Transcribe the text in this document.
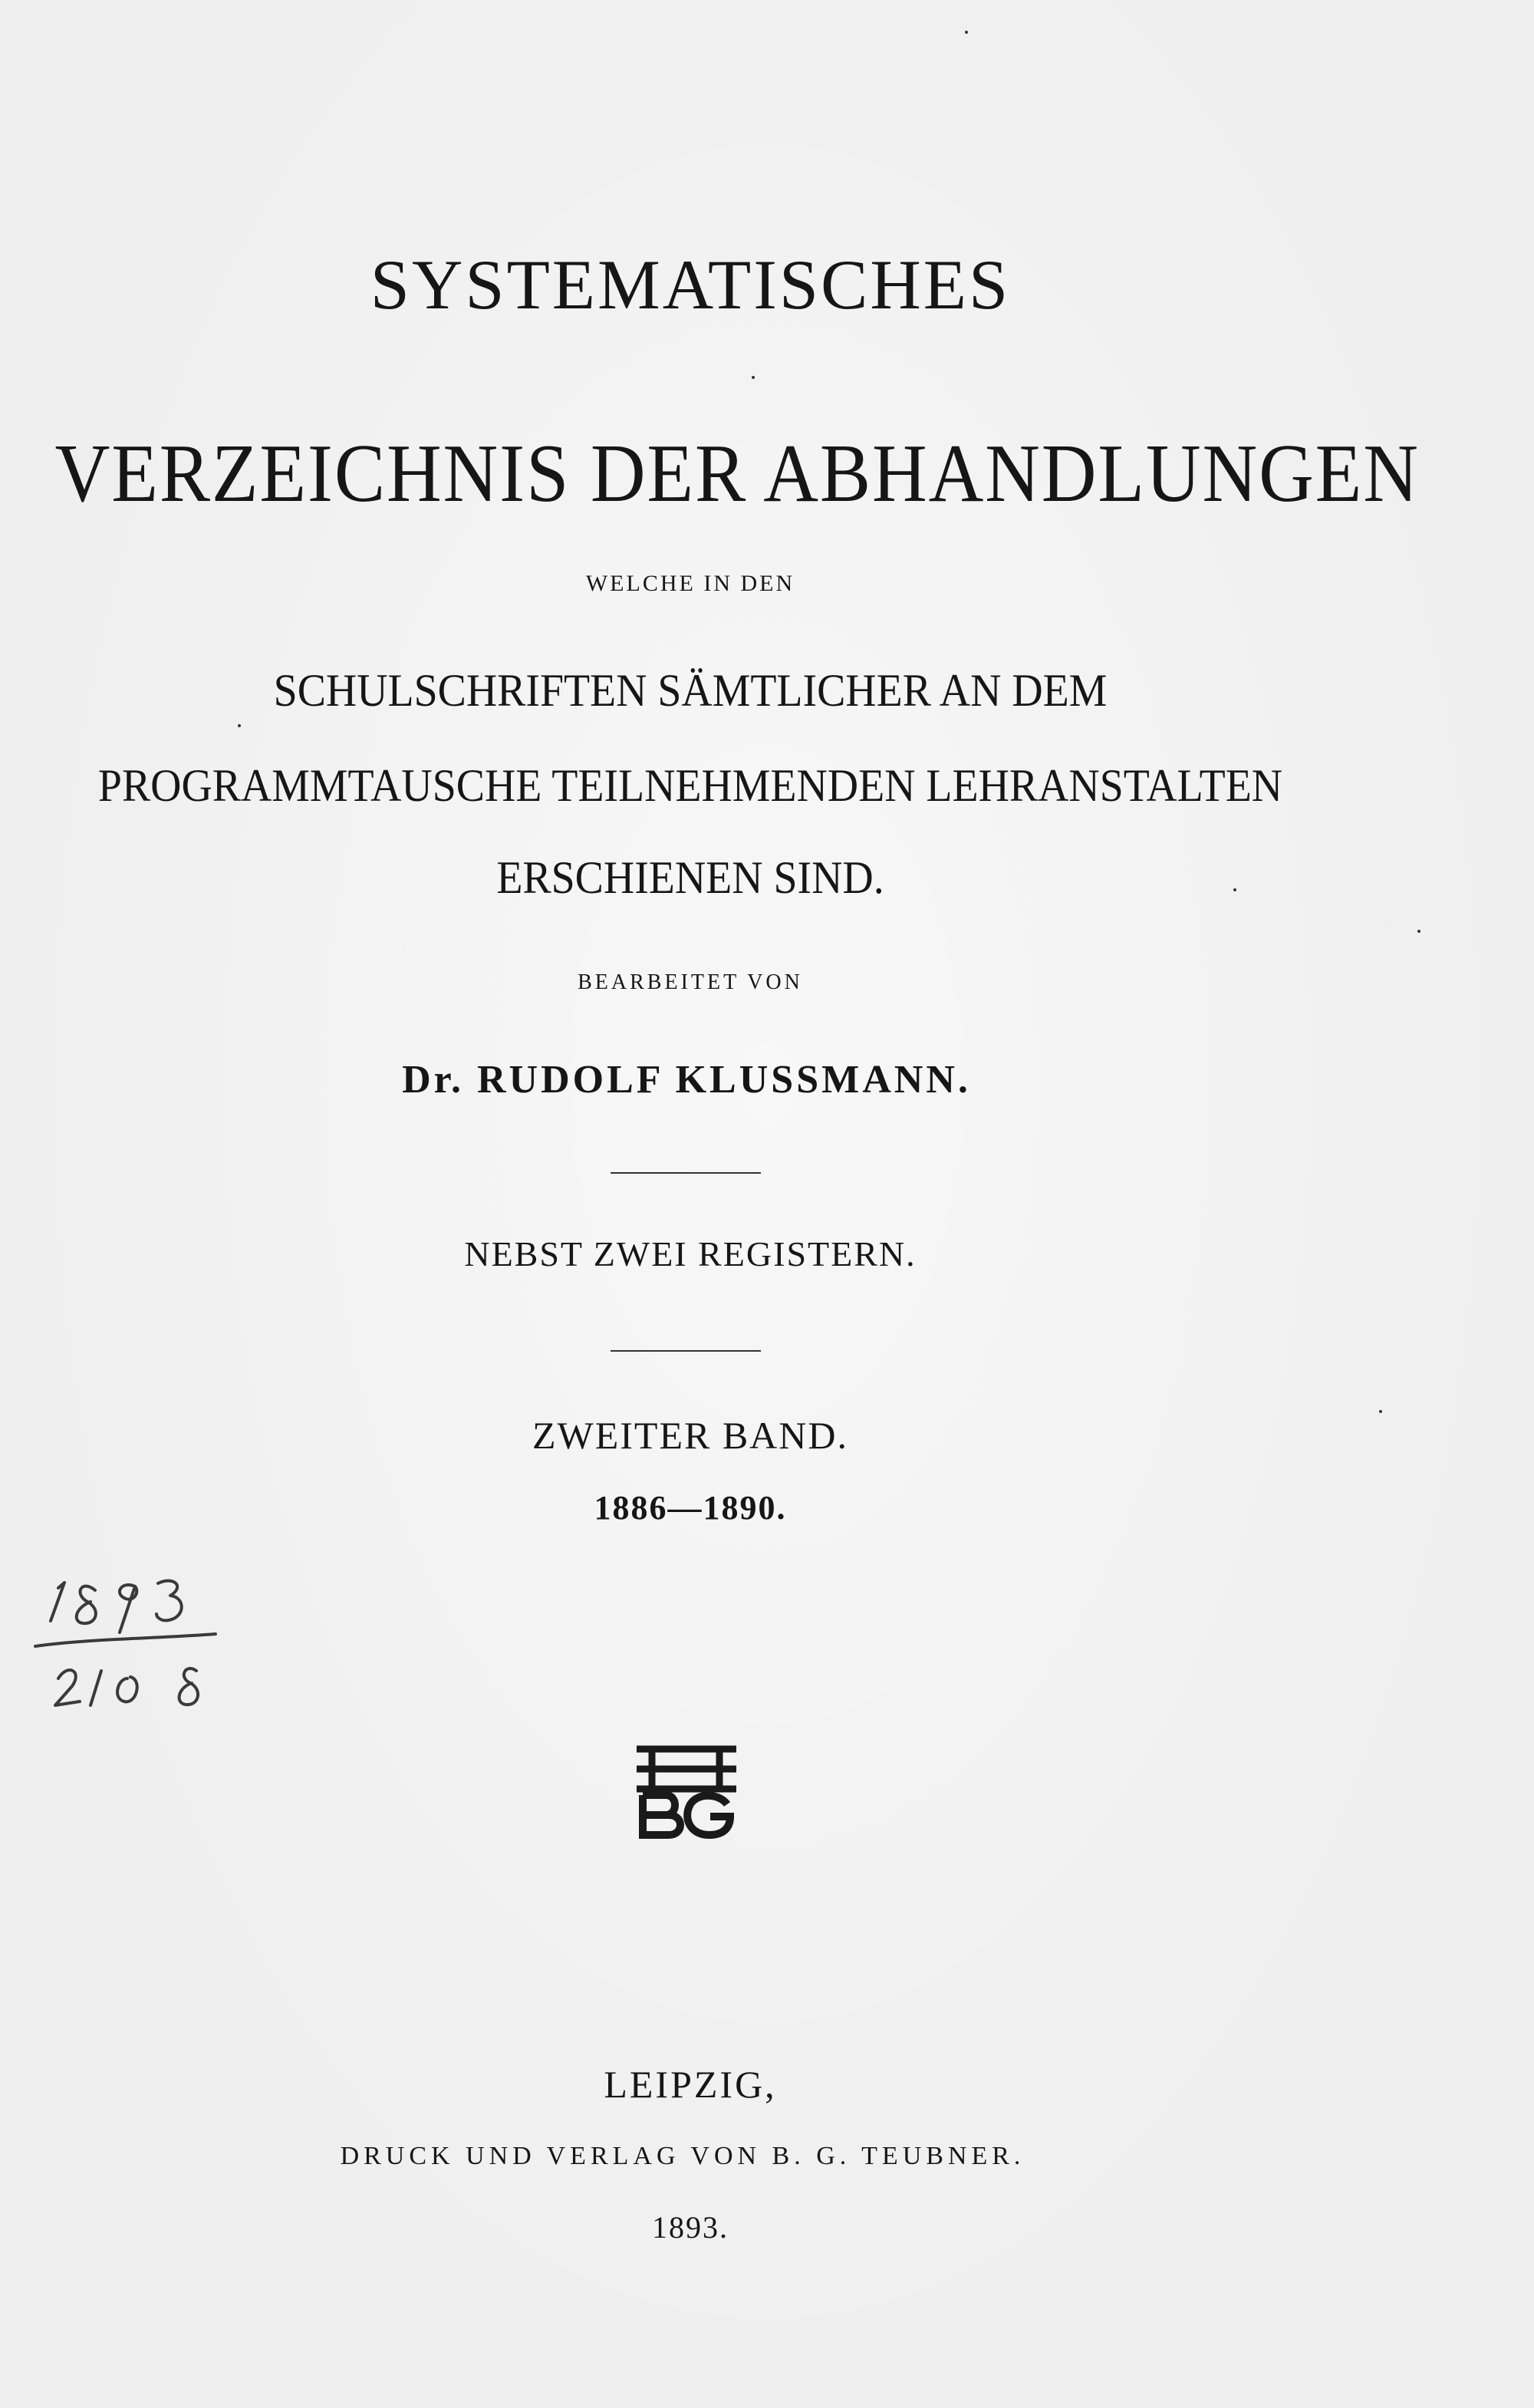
SYSTEMATISCHES

VERZEICHNIS DER ABHANDLUNGEN

WELCHE IN DEN

SCHULSCHRIFTEN SÄMTLICHER AN DEM

PROGRAMMTAUSCHE TEILNEHMENDEN LEHRANSTALTEN

ERSCHIENEN SIND.

BEARBEITET VON

Dr. RUDOLF KLUSSMANN.

NEBST ZWEI REGISTERN.

ZWEITER BAND.

1886—1890.

LEIPZIG,

DRUCK UND VERLAG VON B. G. TEUBNER.

1893.
